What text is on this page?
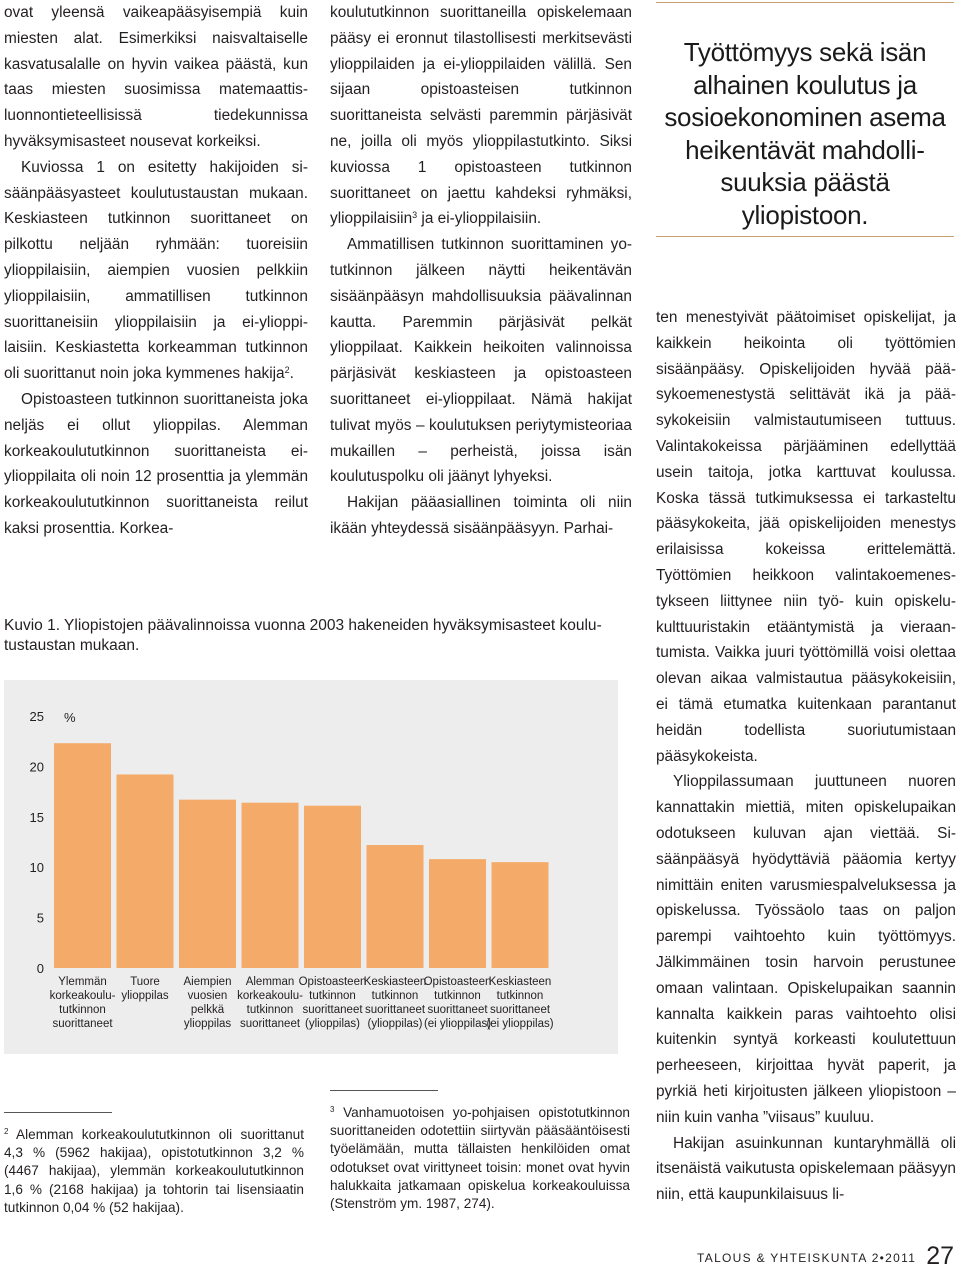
ovat yleensä vaikeapääsyisempiä kuin miesten alat. Esimerkiksi naisvaltaiselle kasvatusalalle on hyvin vaikea päästä, kun taas miesten suosimissa matemaattis-luonnontieteellisissä tiedekunnissa hyväksymisasteet nousevat korkeiksi.

Kuviossa 1 on esitetty hakijoiden sisäänpääsyasteet koulutustaustan mukaan. Keskiasteen tutkinnon suorittaneet on pilkottu neljään ryhmään: tuoreisiin ylioppilaisiin, aiempien vuosien pelkkiin ylioppilaisiin, ammatillisen tutkinnon suorittaneisiin ylioppilaisiin ja ei-ylioppilaisiin. Keskiastetta korkeamman tutkinnon oli suorittanut noin joka kymmenes hakija$^2$.

Opistoasteen tutkinnon suorittaneista joka neljäs ei ollut ylioppilas. Alemman korkeakoulututkinnon suorittaneista ei-ylioppilaita oli noin 12 prosenttia ja ylemmän korkeakoulututkinnon suorittaneista reilut kaksi prosenttia. Korkea-

koulututkinnon suorittaneilla opiskelemaan pääsy ei eronnut tilastollisesti merkitsevästi ylioppilaiden ja ei-ylioppilaiden välillä. Sen sijaan opistoasteisen tutkinnon suorittaneista selvästi paremmin pärjäsivät ne, joilla oli myös ylioppilastutkinto. Siksi kuviossa 1 opistoasteen tutkinnon suorittaneet on jaettu kahdeksi ryhmäksi, ylioppilaisiin$^3$ ja ei-ylioppilaisiin.

Ammatillisen tutkinnon suorittaminen yo-tutkinnon jälkeen näytti heikentävän sisäänpääsyn mahdollisuuksia päävalinnan kautta. Paremmin pärjäsivät pelkät ylioppilaat. Kaikkein heikoiten valinnoissa pärjäsivät keskiasteen ja opistoasteen suorittaneet ei-ylioppilaat. Nämä hakijat tulivat myös – koulutuksen periytymisteoriaa mukaillen – perheistä, joissa isän koulutuspolku oli jäänyt lyhyeksi.

Hakijan pääasiallinen toiminta oli niin ikään yhteydessä sisäänpääsyyn. Parhai-

Työttömyys sekä isän alhainen koulutus ja sosioekonominen asema heikentävät mahdollisuuksia päästä yliopistoon.

ten menestyivät päätoimiset opiskelijat, ja kaikkein heikointa oli työttömien sisäänpääsy. Opiskelijoiden hyvää pääsykoemenestystä selittävät ikä ja pääsykokeisiin valmistautumiseen tuttuus. Valintakokeissa pärjääminen edellyttää usein taitoja, jotka karttuvat koulussa. Koska tässä tutkimuksessa ei tarkasteltu pääsykokeita, jää opiskelijoiden menestys erilaisissa kokeissa erittelemättä. Työttömien heikkoon valintakoemenestykseen liittynee niin työ- kuin opiskelukulttuuristakin etääntymistä ja vieraantumista. Vaikka juuri työttömillä voisi olettaa olevan aikaa valmistautua pääsykokeisiin, ei tämä etumatka kuitenkaan parantanut heidän todellista suoriutumistaan pääsykokeista.

Ylioppilassumaan juuttuneen nuoren kannattakin miettiä, miten opiskelupaikan odotukseen kuluvan ajan viettää. Sisäänpääsyä hyödyttäviä pääomia kertyy nimittäin eniten varusmiespalveluksessa ja opiskelussa. Työssäolo taas on paljon parempi vaihtoehto kuin työttömyys. Jälkimmäinen tosin harvoin perustunee omaan valintaan. Opiskelupaikan saannin kannalta kaikkein paras vaihtoehto olisi kuitenkin syntyä korkeasti koulutettuun perheeseen, kirjoittaa hyvät paperit, ja pyrkiä heti kirjoitusten jälkeen yliopistoon – niin kuin vanha ”viisaus” kuuluu.

Hakijan asuinkunnan kuntaryhmällä oli itsenäistä vaikutusta opiskelemaan pääsyyn niin, että kaupunkilaisuus li-

Kuvio 1. Yliopistojen päävalinnoissa vuonna 2003 hakeneiden hyväksymisasteet koulutustaustan mukaan.
25
20
15
10
5
0
%
Ylemmän
korkeakoulu-
tutkinnon
suorittaneet
Tuore
ylioppilas
Aiempien
vuosien
pelkkä
ylioppilas
Alemman
korkeakoulu-
tutkinnon
suorittaneet
Opistoasteen
tutkinnon
suorittaneet
(ylioppilas)
Keskiasteen
tutkinnon
suorittaneet
(ylioppilas)
Opistoasteen
tutkinnon
suorittaneet
(ei ylioppilas)
Keskiasteen
tutkinnon
suorittaneet
(ei ylioppilas)
$^2$ Alemman korkeakoulututkinnon oli suorittanut 4,3 % (5962 hakijaa), opistotutkinnon 3,2 % (4467 hakijaa), ylemmän korkeakoulututkinnon 1,6 % (2168 hakijaa) ja tohtorin tai lisensiaatin tutkinnon 0,04 % (52 hakijaa).
$^3$ Vanhamuotoisen yo-pohjaisen opistotutkinnon suorittaneiden odotettiin siirtyvän pääsääntöisesti työelämään, mutta tällaisten henkilöiden omat odotukset ovat virittyneet toisin: monet ovat hyvin halukkaita jatkamaan opiskelua korkeakouluissa (Stenström ym. 1987, 274).
TALOUS & YHTEISKUNTA 2•2011 27
